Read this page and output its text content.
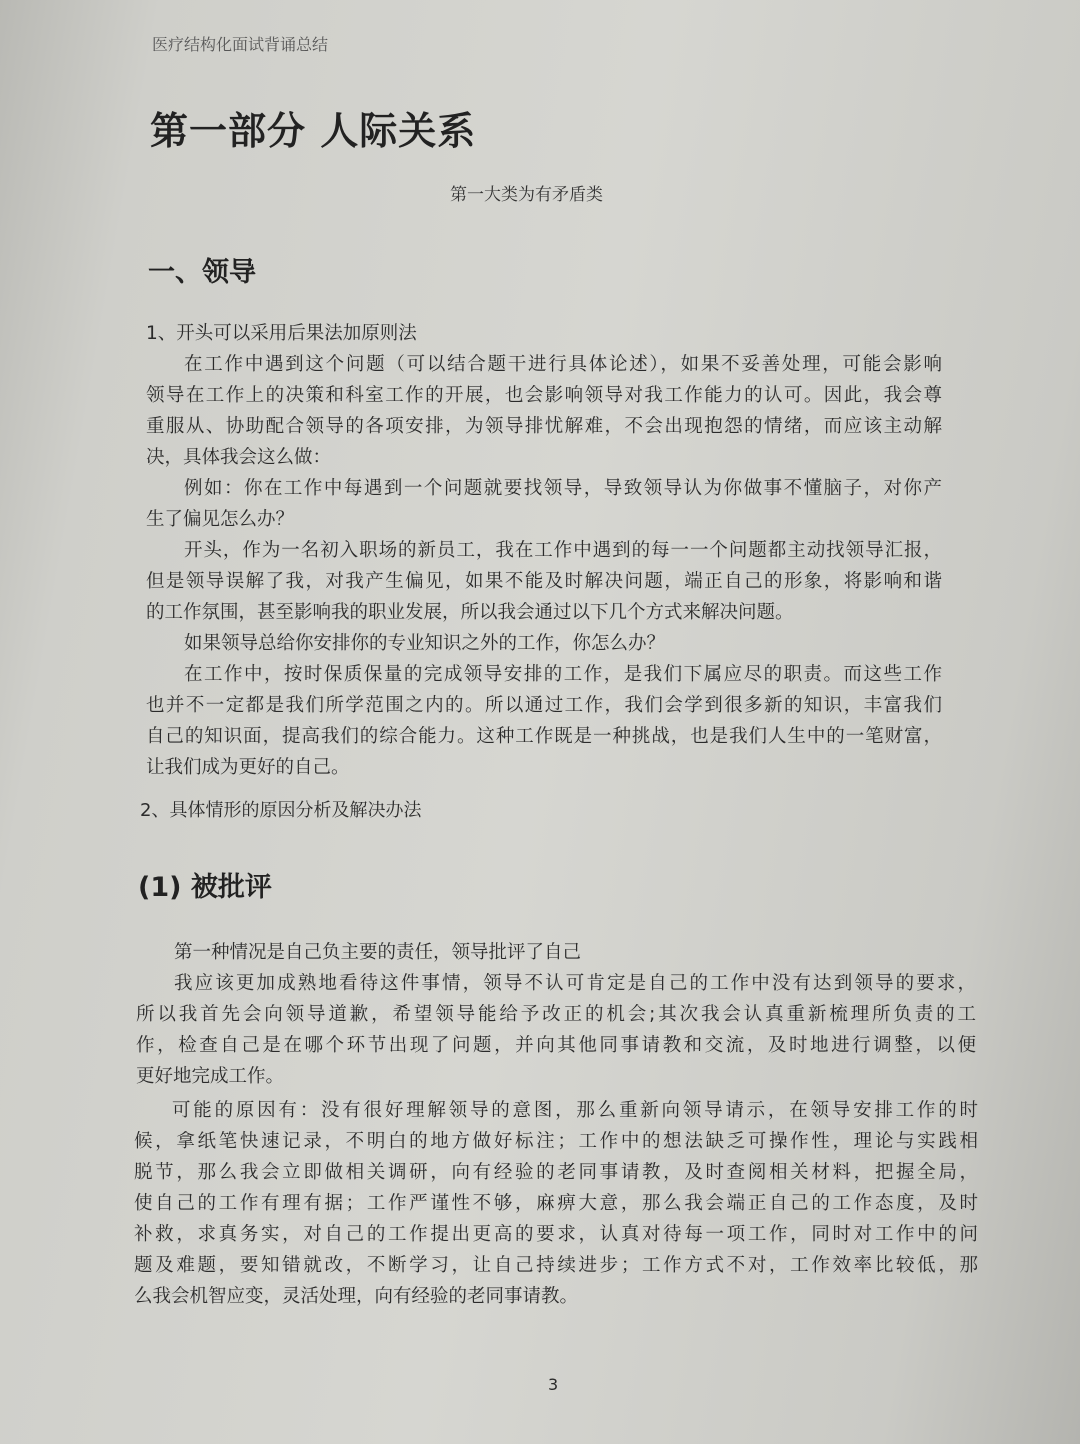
医疗结构化面试背诵总结
第一部分 人际关系
第一大类为有矛盾类
一、领导
1、开头可以采用后果法加原则法
在工作中遇到这个问题（可以结合题干进行具体论述），如果不妥善处理，可能会影响
领导在工作上的决策和科室工作的开展，也会影响领导对我工作能力的认可。因此，我会尊
重服从、协助配合领导的各项安排，为领导排忧解难，不会出现抱怨的情绪，而应该主动解
决，具体我会这么做：
例如：你在工作中每遇到一个问题就要找领导，导致领导认为你做事不懂脑子，对你产
生了偏见怎么办？
开头，作为一名初入职场的新员工，我在工作中遇到的每一一个问题都主动找领导汇报，
但是领导误解了我，对我产生偏见，如果不能及时解决问题，端正自己的形象，将影响和谐
的工作氛围，甚至影响我的职业发展，所以我会通过以下几个方式来解决问题。
如果领导总给你安排你的专业知识之外的工作，你怎么办？
在工作中，按时保质保量的完成领导安排的工作，是我们下属应尽的职责。而这些工作
也并不一定都是我们所学范围之内的。所以通过工作，我们会学到很多新的知识，丰富我们
自己的知识面，提高我们的综合能力。这种工作既是一种挑战，也是我们人生中的一笔财富，
让我们成为更好的自己。
2、具体情形的原因分析及解决办法
(1) 被批评
第一种情况是自己负主要的责任，领导批评了自己
我应该更加成熟地看待这件事情，领导不认可肯定是自己的工作中没有达到领导的要求，
所以我首先会向领导道歉，希望领导能给予改正的机会;其次我会认真重新梳理所负责的工
作，检查自己是在哪个环节出现了问题，并向其他同事请教和交流，及时地进行调整，以便
更好地完成工作。
可能的原因有：没有很好理解领导的意图，那么重新向领导请示，在领导安排工作的时
候，拿纸笔快速记录，不明白的地方做好标注；工作中的想法缺乏可操作性，理论与实践相
脱节，那么我会立即做相关调研，向有经验的老同事请教，及时查阅相关材料，把握全局，
使自己的工作有理有据；工作严谨性不够，麻痹大意，那么我会端正自己的工作态度，及时
补救，求真务实，对自己的工作提出更高的要求，认真对待每一项工作，同时对工作中的问
题及难题，要知错就改，不断学习，让自己持续进步；工作方式不对，工作效率比较低，那
么我会机智应变，灵活处理，向有经验的老同事请教。
3
